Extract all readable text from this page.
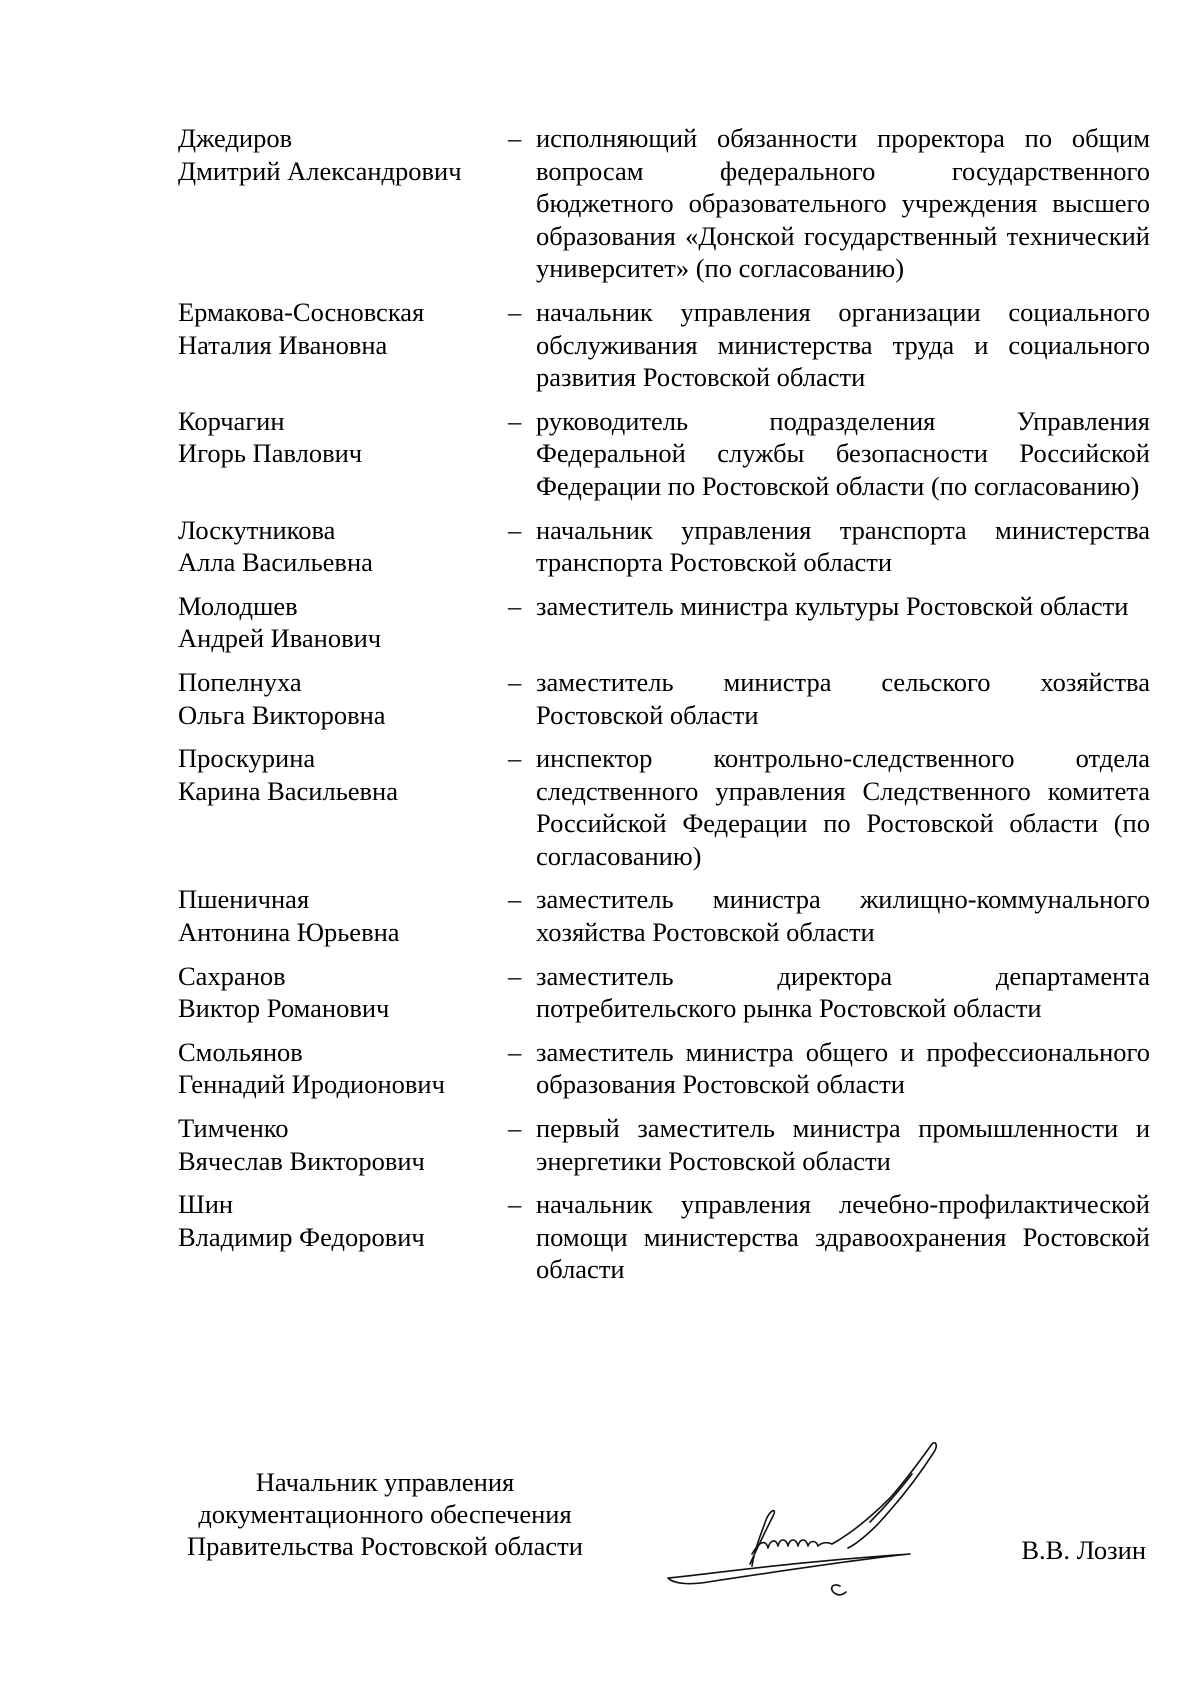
Джедиров
Дмитрий Александрович
– исполняющий обязанности проректора по общим вопросам федерального государственного бюджетного образовательного учреждения высшего образования «Донской государственный технический университет» (по согласованию)
Ермакова-Сосновская
Наталия Ивановна
– начальник управления организации социального обслуживания министерства труда и социального развития Ростовской области
Корчагин
Игорь Павлович
– руководитель подразделения Управления Федеральной службы безопасности Российской Федерации по Ростовской области (по согласованию)
Лоскутникова
Алла Васильевна
– начальник управления транспорта министерства транспорта Ростовской области
Молодшев
Андрей Иванович
– заместитель министра культуры Ростовской области
Попелнуха
Ольга Викторовна
– заместитель министра сельского хозяйства Ростовской области
Проскурина
Карина Васильевна
– инспектор контрольно-следственного отдела следственного управления Следственного комитета Российской Федерации по Ростовской области (по согласованию)
Пшеничная
Антонина Юрьевна
– заместитель министра жилищно-коммунального хозяйства Ростовской области
Сахранов
Виктор Романович
– заместитель директора департамента потребительского рынка Ростовской области
Смольянов
Геннадий Иродионович
– заместитель министра общего и профессионального образования Ростовской области
Тимченко
Вячеслав Викторович
– первый заместитель министра промышленности и энергетики Ростовской области
Шин
Владимир Федорович
– начальник управления лечебно-профилактической помощи министерства здравоохранения Ростовской области
Начальник управления
документационного обеспечения
Правительства Ростовской области	В.В. Лозин
